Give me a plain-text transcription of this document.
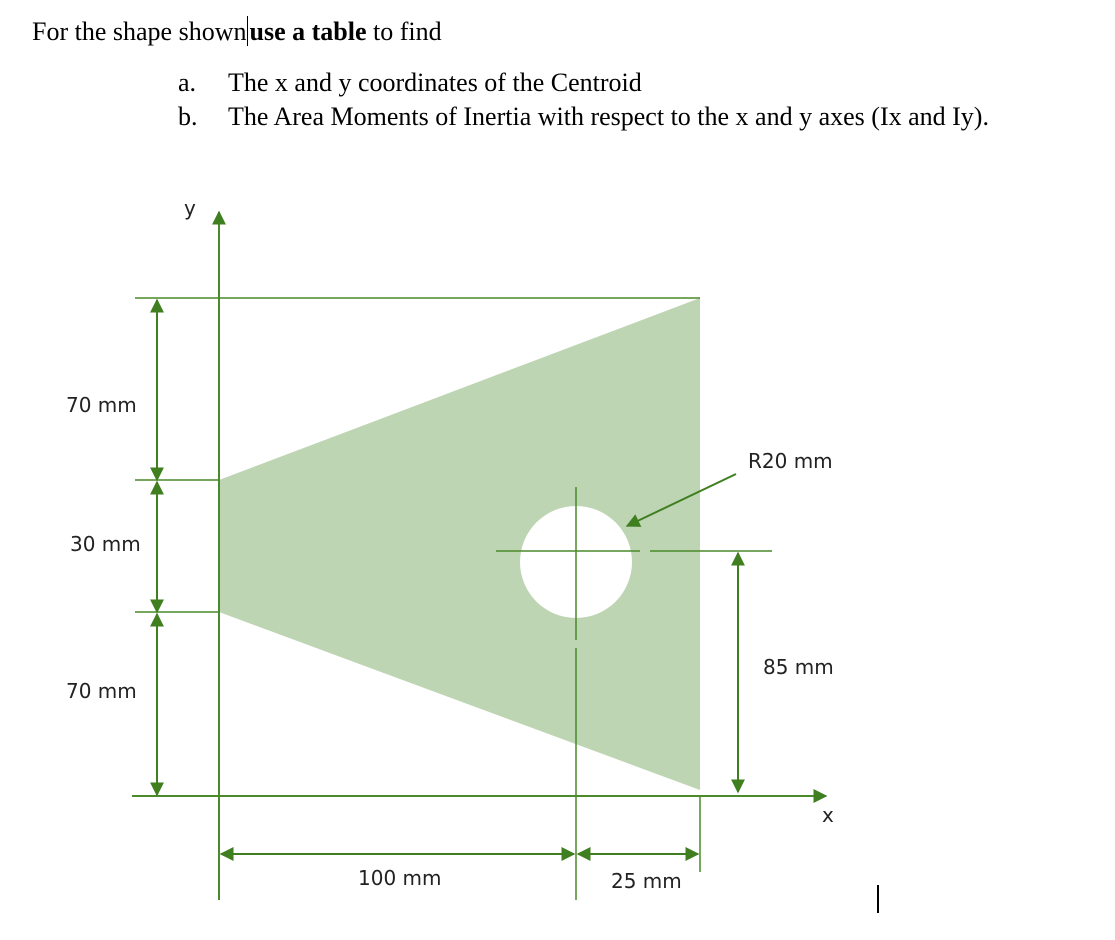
For the shape shown use a table to find
a. The x and y coordinates of the Centroid
b. The Area Moments of Inertia with respect to the x and y axes (Ix and Iy).
y
x
70 mm
30 mm
70 mm
R20 mm
85 mm
100 mm	25 mm
